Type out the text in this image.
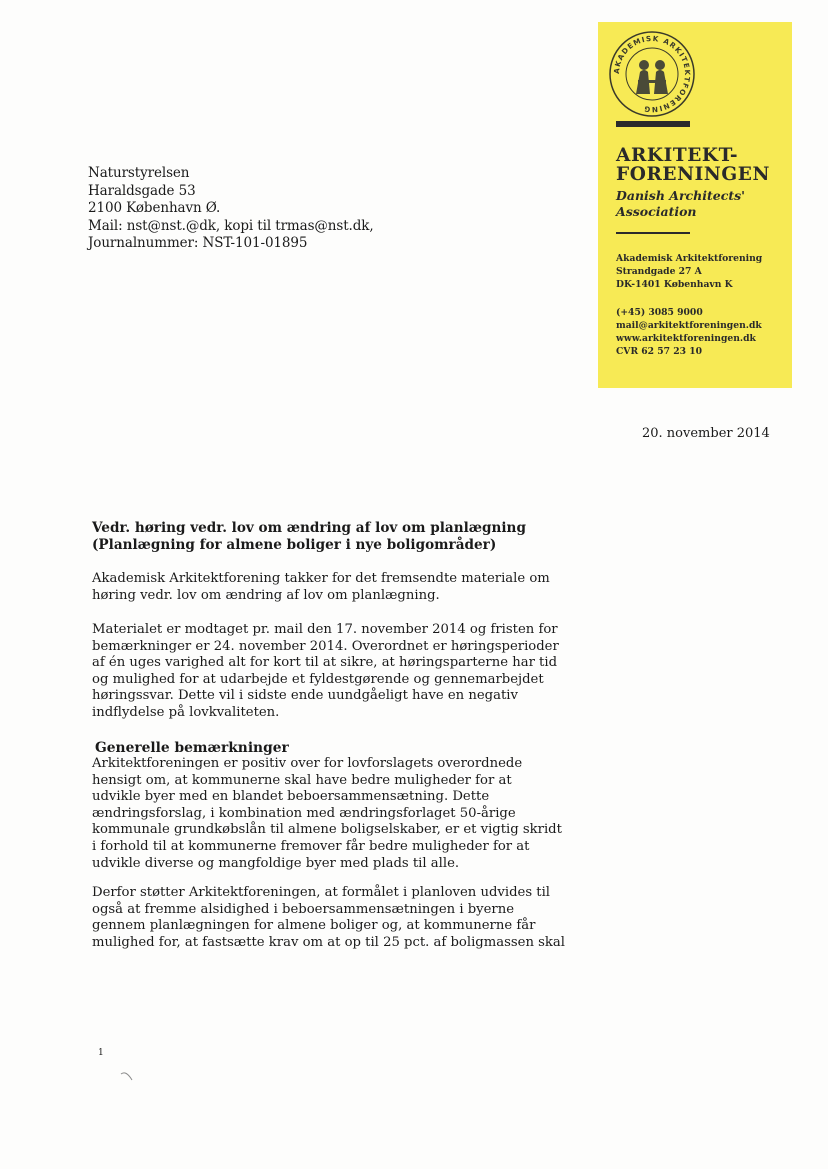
Naturstyrelsen
Haraldsgade 53
2100 København Ø.
Mail: nst@nst.@dk, kopi til trmas@nst.dk,
Journalnummer: NST-101-01895
AKADEMISK ARKITEKTFORENING
ARKITEKT-
FORENINGEN
Danish Architects'
Association
Akademisk Arkitektforening
Strandgade 27 A
DK-1401 København K
(+45) 3085 9000
mail@arkitektforeningen.dk
www.arkitektforeningen.dk
CVR 62 57 23 10
20. november 2014
Vedr. høring vedr. lov om ændring af lov om planlægning
(Planlægning for almene boliger i nye boligområder)
Akademisk Arkitektforening takker for det fremsendte materiale om
høring vedr. lov om ændring af lov om planlægning.
Materialet er modtaget pr. mail den 17. november 2014 og fristen for
bemærkninger er 24. november 2014. Overordnet er høringsperioder
af én uges varighed alt for kort til at sikre, at høringsparterne har tid
og mulighed for at udarbejde et fyldestgørende og gennemarbejdet
høringssvar. Dette vil i sidste ende uundgåeligt have en negativ
indflydelse på lovkvaliteten.
Generelle bemærkninger
Arkitektforeningen er positiv over for lovforslagets overordnede
hensigt om, at kommunerne skal have bedre muligheder for at
udvikle byer med en blandet beboersammensætning. Dette
ændringsforslag, i kombination med ændringsforlaget 50-årige
kommunale grundkøbslån til almene boligselskaber, er et vigtig skridt
i forhold til at kommunerne fremover får bedre muligheder for at
udvikle diverse og mangfoldige byer med plads til alle.
Derfor støtter Arkitektforeningen, at formålet i planloven udvides til
også at fremme alsidighed i beboersammensætningen i byerne
gennem planlægningen for almene boliger og, at kommunerne får
mulighed for, at fastsætte krav om at op til 25 pct. af boligmassen skal
1
